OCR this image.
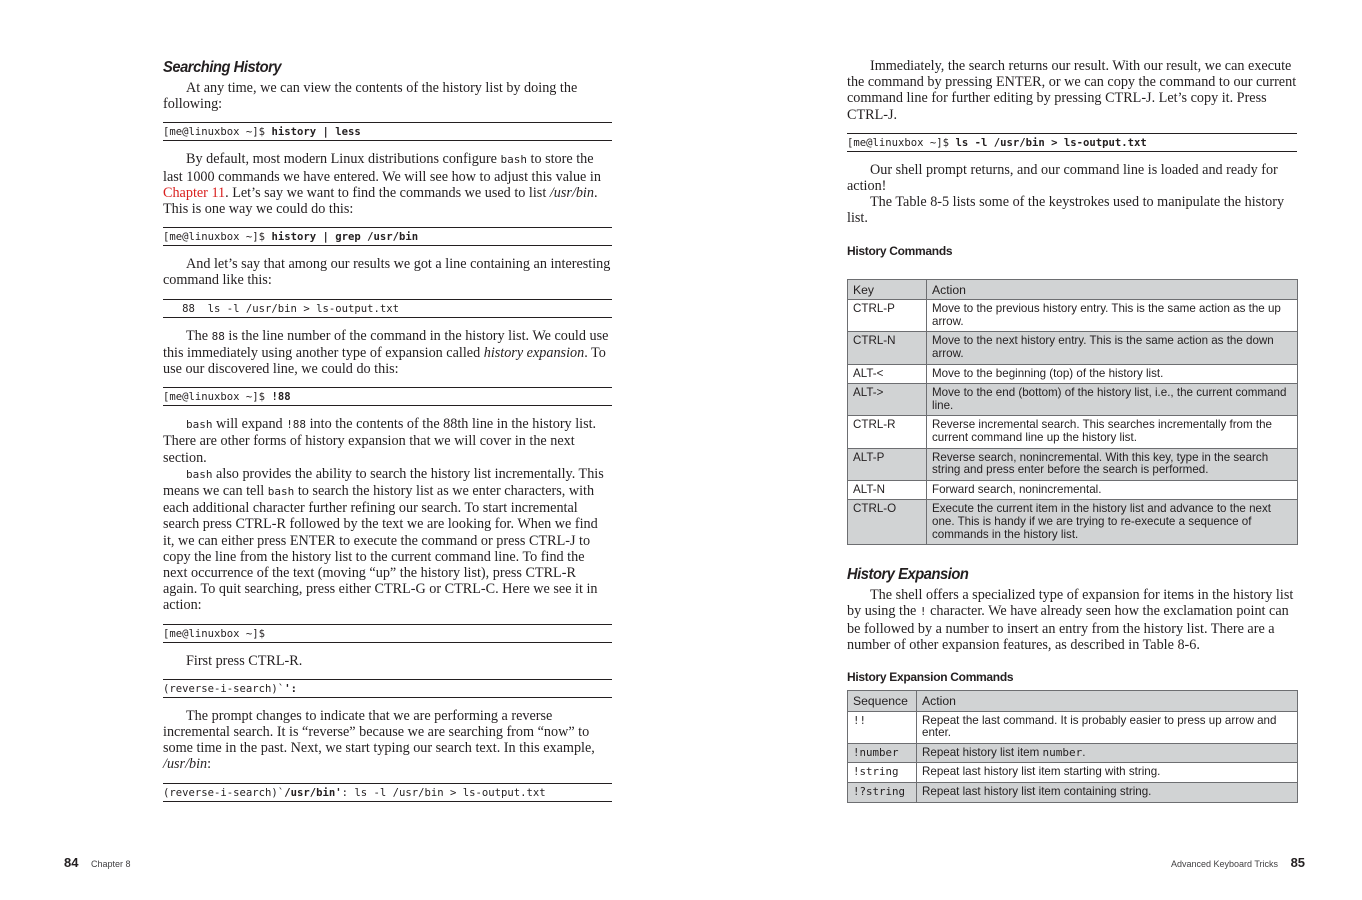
Searching History

At any time, we can view the contents of the history list by doing the following:

[me@linuxbox ~]$ history | less

By default, most modern Linux distributions configure bash to store the last 1000 commands we have entered. We will see how to adjust this value in Chapter 11. Let’s say we want to find the commands we used to list /usr/bin. This is one way we could do this:

[me@linuxbox ~]$ history | grep /usr/bin

And let’s say that among our results we got a line containing an interesting command like this:

88  ls -l /usr/bin > ls-output.txt

The 88 is the line number of the command in the history list. We could use this immediately using another type of expansion called history expansion. To use our discovered line, we could do this:

[me@linuxbox ~]$ !88

bash will expand !88 into the contents of the 88th line in the history list. There are other forms of history expansion that we will cover in the next section.

bash also provides the ability to search the history list incrementally. This means we can tell bash to search the history list as we enter characters, with each additional character further refining our search. To start incremental search press CTRL-R followed by the text we are looking for. When we find it, we can either press ENTER to execute the command or press CTRL-J to copy the line from the history list to the current command line. To find the next occurrence of the text (moving “up” the history list), press CTRL-R again. To quit searching, press either CTRL-G or CTRL-C. Here we see it in action:

[me@linuxbox ~]$

First press CTRL-R.

(reverse-i-search)`':

The prompt changes to indicate that we are performing a reverse incremental search. It is “reverse” because we are searching from “now” to some time in the past. Next, we start typing our search text. In this example, /usr/bin:

(reverse-i-search)`/usr/bin': ls -l /usr/bin > ls-output.txt
84 Chapter 8

Immediately, the search returns our result. With our result, we can execute the command by pressing ENTER, or we can copy the command to our current command line for further editing by pressing CTRL-J. Let’s copy it. Press CTRL-J.

[me@linuxbox ~]$ ls -l /usr/bin > ls-output.txt

Our shell prompt returns, and our command line is loaded and ready for action!

The Table 8-5 lists some of the keystrokes used to manipulate the history list.

History Commands
Key	Action
CTRL-P	Move to the previous history entry. This is the same action as the up arrow.
CTRL-N	Move to the next history entry. This is the same action as the down arrow.
ALT-<	Move to the beginning (top) of the history list.
ALT->	Move to the end (bottom) of the history list, i.e., the current command line.
CTRL-R	Reverse incremental search. This searches incrementally from the current command line up the history list.
ALT-P	Reverse search, nonincremental. With this key, type in the search string and press enter before the search is performed.
ALT-N	Forward search, nonincremental.
CTRL-O	Execute the current item in the history list and advance to the next one. This is handy if we are trying to re-execute a sequence of commands in the history list.
History Expansion

The shell offers a specialized type of expansion for items in the history list by using the ! character. We have already seen how the exclamation point can be followed by a number to insert an entry from the history list. There are a number of other expansion features, as described in Table 8-6.

History Expansion Commands
Sequence	Action
!!	Repeat the last command. It is probably easier to press up arrow and enter.
!number	Repeat history list item number.
!string	Repeat last history list item starting with string.
!?string	Repeat last history list item containing string.
Advanced Keyboard Tricks 85
